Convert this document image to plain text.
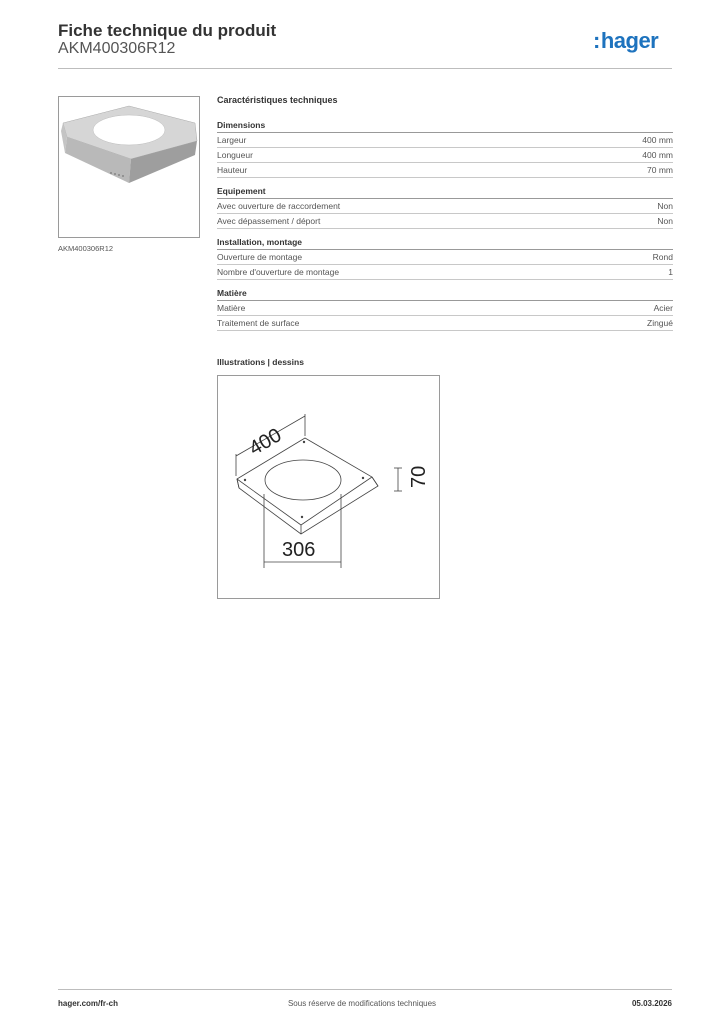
Fiche technique du produit
AKM400306R12	:hager
AKM400306R12
Caractéristiques techniques
Dimensions
Largeur	400 mm
Longueur	400 mm
Hauteur	70 mm
Equipement
Avec ouverture de raccordement	Non
Avec dépassement / déport	Non
Installation, montage
Ouverture de montage	Rond
Nombre d'ouverture de montage	1
Matière
Matière	Acier
Traitement de surface	Zingué
Illustrations | dessins
400
70
306
hager.com/fr-ch	Sous réserve de modifications techniques	05.03.2026
